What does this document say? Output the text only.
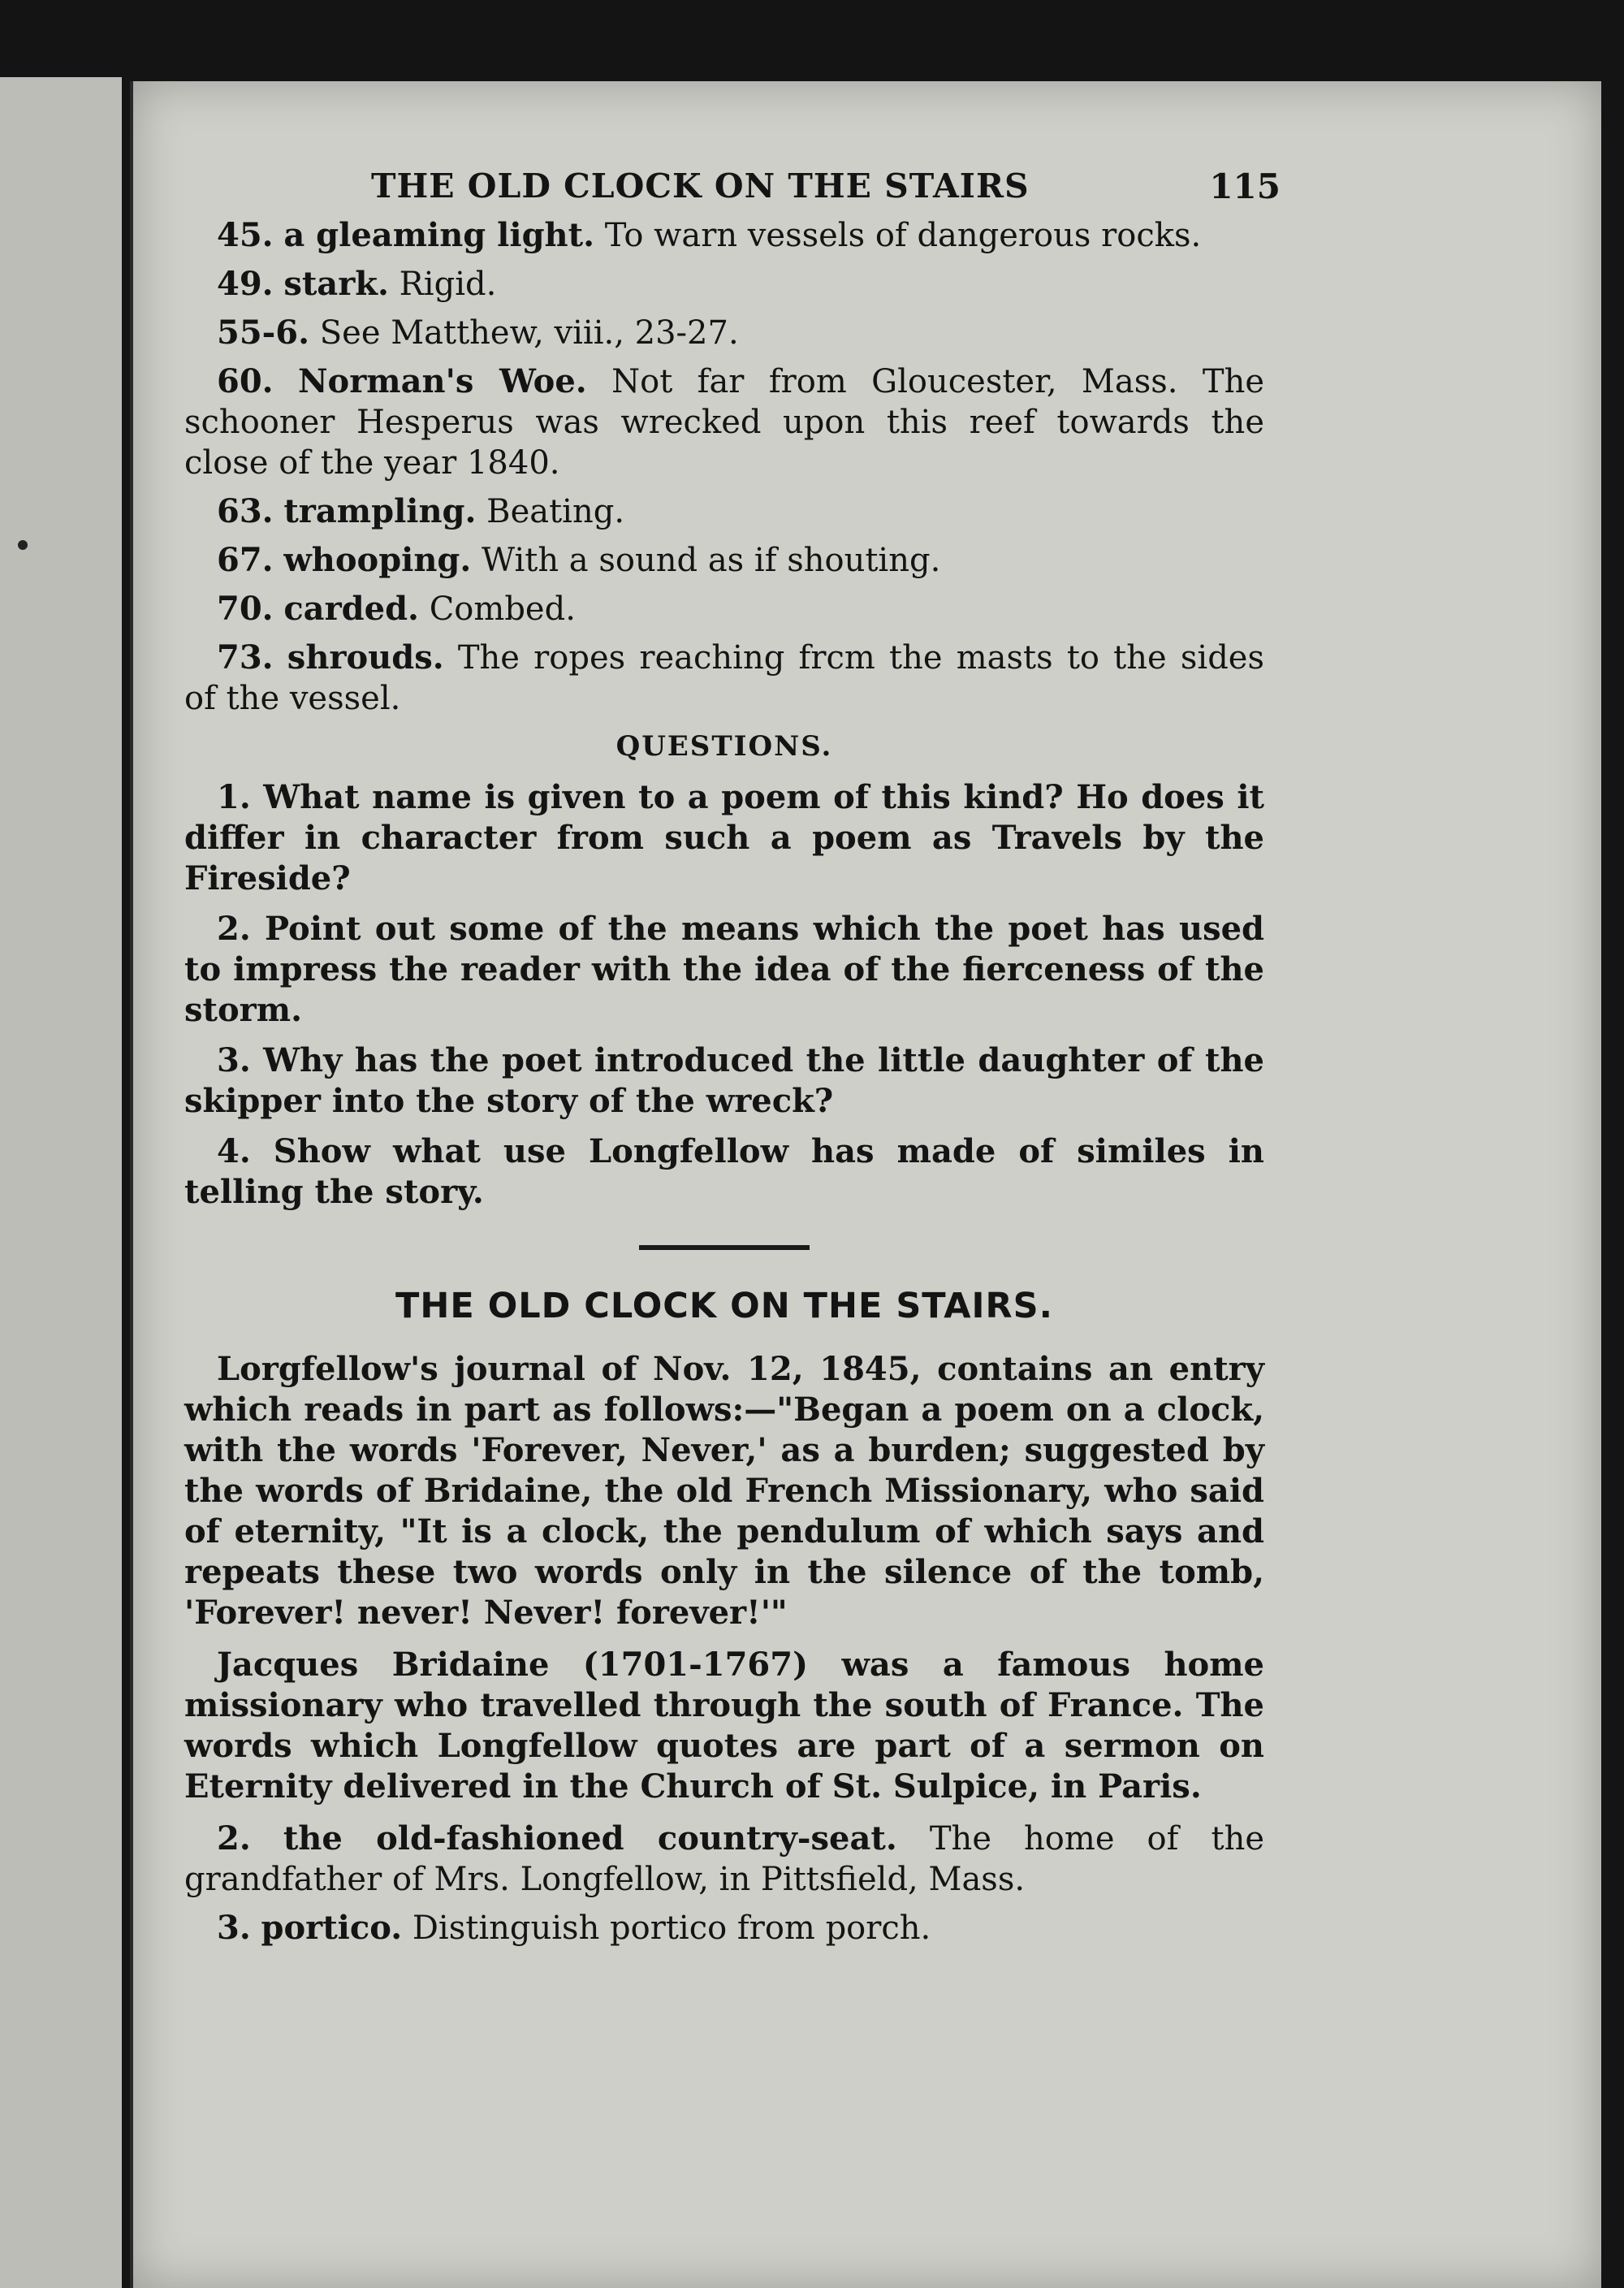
THE OLD CLOCK ON THE STAIRS	115

45. a gleaming light. To warn vessels of dangerous rocks.

49. stark. Rigid.

55-6. See Matthew, viii., 23-27.

60. Norman's Woe. Not far from Gloucester, Mass. The schooner Hesperus was wrecked upon this reef towards the close of the year 1840.

63. trampling. Beating.

67. whooping. With a sound as if shouting.

70. carded. Combed.

73. shrouds. The ropes reaching frcm the masts to the sides of the vessel.

QUESTIONS.

1. What name is given to a poem of this kind? Ho does it differ in character from such a poem as Travels by the Fireside?

2. Point out some of the means which the poet has used to impress the reader with the idea of the fierceness of the storm.

3. Why has the poet introduced the little daughter of the skipper into the story of the wreck?

4. Show what use Longfellow has made of similes in telling the story.

THE OLD CLOCK ON THE STAIRS.

Lorgfellow's journal of Nov. 12, 1845, contains an entry which reads in part as follows:—"Began a poem on a clock, with the words 'Forever, Never,' as a burden; suggested by the words of Bridaine, the old French Missionary, who said of eternity, "It is a clock, the pendulum of which says and repeats these two words only in the silence of the tomb, 'Forever! never! Never! forever!'"

Jacques Bridaine (1701-1767) was a famous home missionary who travelled through the south of France. The words which Longfellow quotes are part of a sermon on Eternity delivered in the Church of St. Sulpice, in Paris.

2. the old-fashioned country-seat. The home of the grandfather of Mrs. Longfellow, in Pittsfield, Mass.

3. portico. Distinguish portico from porch.
